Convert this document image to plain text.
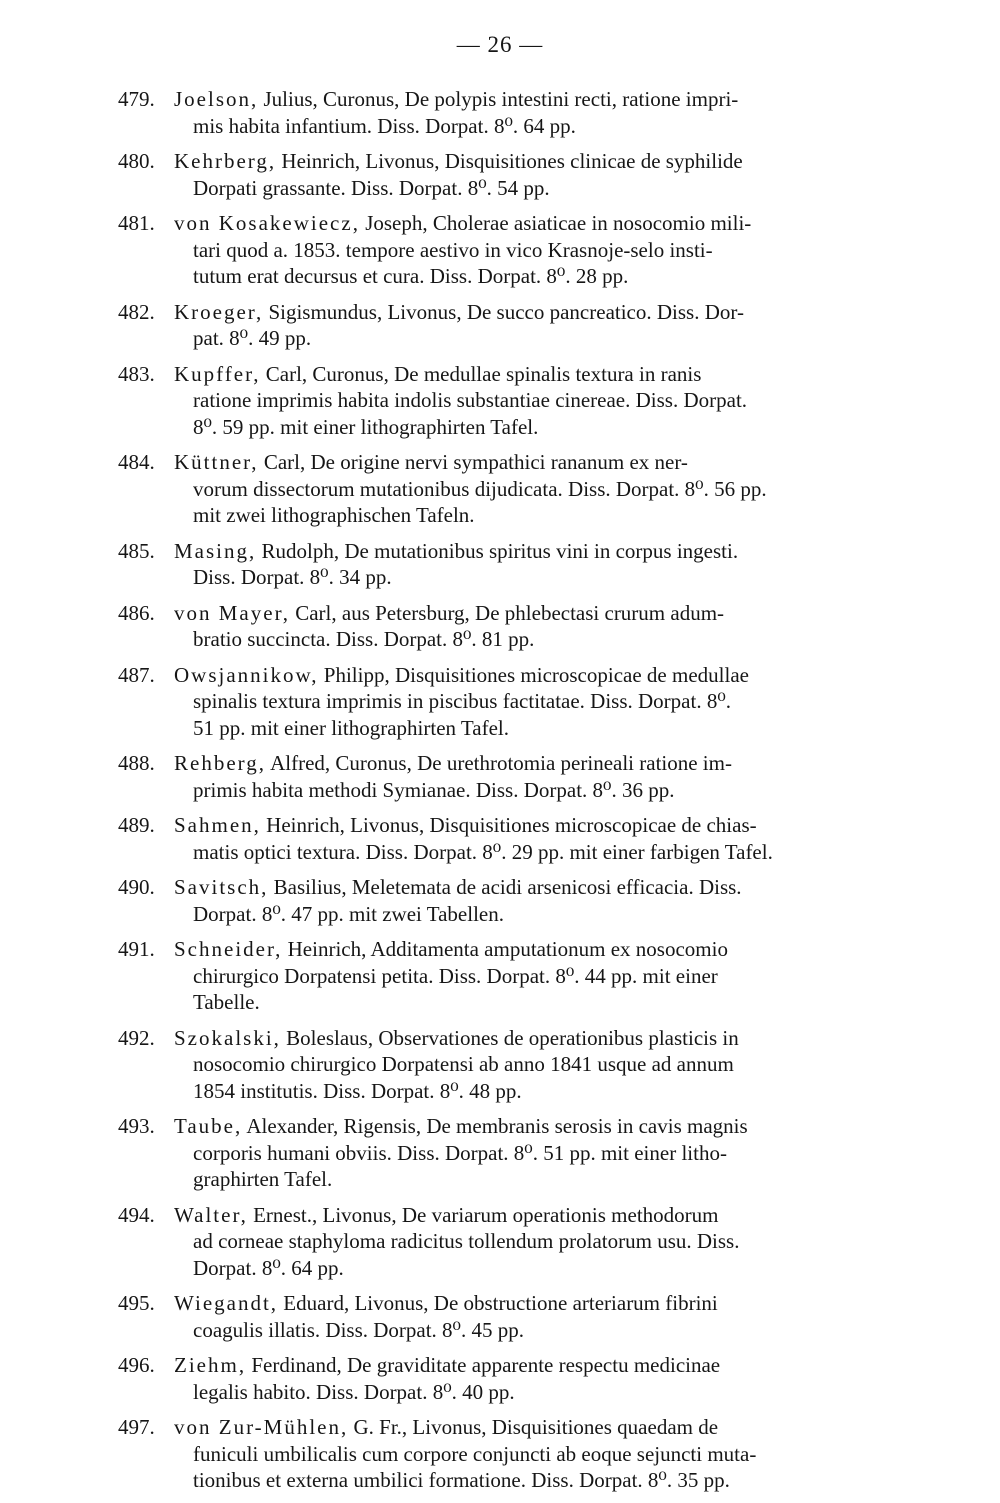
— 26 —
479. Joelson, Julius, Curonus, De polypis intestini recti, ratione impri-
mis habita infantium. Diss. Dorpat. 8⁰. 64 pp.
480. Kehrberg, Heinrich, Livonus, Disquisitiones clinicae de syphilide
Dorpati grassante. Diss. Dorpat. 8⁰. 54 pp.
481. von Kosakewiecz, Joseph, Cholerae asiaticae in nosocomio mili-
tari quod a. 1853. tempore aestivo in vico Krasnoje-selo insti-
tutum erat decursus et cura. Diss. Dorpat. 8⁰. 28 pp.
482. Kroeger, Sigismundus, Livonus, De succo pancreatico. Diss. Dor-
pat. 8⁰. 49 pp.
483. Kupffer, Carl, Curonus, De medullae spinalis textura in ranis
ratione imprimis habita indolis substantiae cinereae. Diss. Dorpat.
8⁰. 59 pp. mit einer lithographirten Tafel.
484. Küttner, Carl, De origine nervi sympathici rananum ex ner-
vorum dissectorum mutationibus dijudicata. Diss. Dorpat. 8⁰. 56 pp.
mit zwei lithographischen Tafeln.
485. Masing, Rudolph, De mutationibus spiritus vini in corpus ingesti.
Diss. Dorpat. 8⁰. 34 pp.
486. von Mayer, Carl, aus Petersburg, De phlebectasi crurum adum-
bratio succincta. Diss. Dorpat. 8⁰. 81 pp.
487. Owsjannikow, Philipp, Disquisitiones microscopicae de medullae
spinalis textura imprimis in piscibus factitatae. Diss. Dorpat. 8⁰.
51 pp. mit einer lithographirten Tafel.
488. Rehberg, Alfred, Curonus, De urethrotomia perineali ratione im-
primis habita methodi Symianae. Diss. Dorpat. 8⁰. 36 pp.
489. Sahmen, Heinrich, Livonus, Disquisitiones microscopicae de chias-
matis optici textura. Diss. Dorpat. 8⁰. 29 pp. mit einer farbigen Tafel.
490. Savitsch, Basilius, Meletemata de acidi arsenicosi efficacia. Diss.
Dorpat. 8⁰. 47 pp. mit zwei Tabellen.
491. Schneider, Heinrich, Additamenta amputationum ex nosocomio
chirurgico Dorpatensi petita. Diss. Dorpat. 8⁰. 44 pp. mit einer
Tabelle.
492. Szokalski, Boleslaus, Observationes de operationibus plasticis in
nosocomio chirurgico Dorpatensi ab anno 1841 usque ad annum
1854 institutis. Diss. Dorpat. 8⁰. 48 pp.
493. Taube, Alexander, Rigensis, De membranis serosis in cavis magnis
corporis humani obviis. Diss. Dorpat. 8⁰. 51 pp. mit einer litho-
graphirten Tafel.
494. Walter, Ernest., Livonus, De variarum operationis methodorum
ad corneae staphyloma radicitus tollendum prolatorum usu. Diss.
Dorpat. 8⁰. 64 pp.
495. Wiegandt, Eduard, Livonus, De obstructione arteriarum fibrini
coagulis illatis. Diss. Dorpat. 8⁰. 45 pp.
496. Ziehm, Ferdinand, De graviditate apparente respectu medicinae
legalis habito. Diss. Dorpat. 8⁰. 40 pp.
497. von Zur-Mühlen, G. Fr., Livonus, Disquisitiones quaedam de
funiculi umbilicalis cum corpore conjuncti ab eoque sejuncti muta-
tionibus et externa umbilici formatione. Diss. Dorpat. 8⁰. 35 pp.
